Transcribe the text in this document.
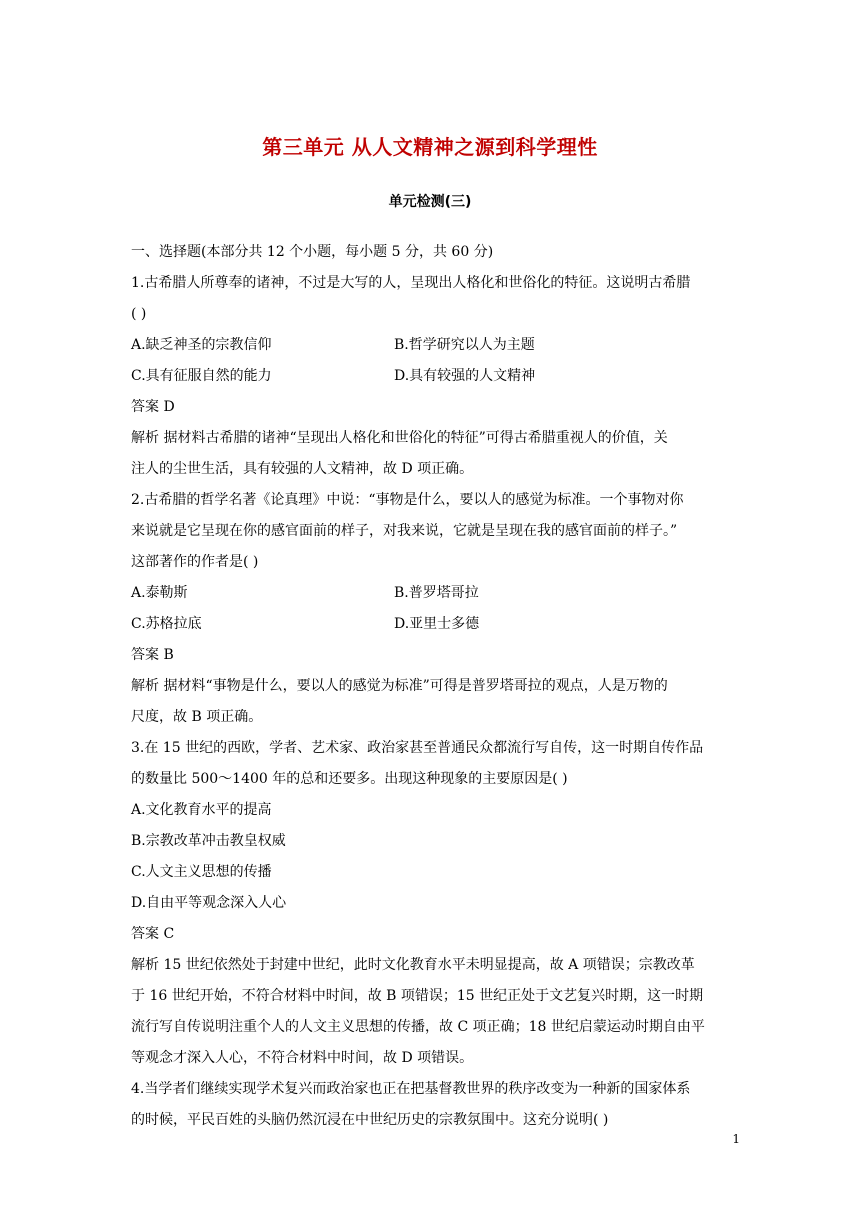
第三单元 从人文精神之源到科学理性
单元检测(三)
一、选择题(本部分共 12 个小题，每小题 5 分，共 60 分)
1.古希腊人所尊奉的诸神，不过是大写的人，呈现出人格化和世俗化的特征。这说明古希腊
( )
A.缺乏神圣的宗教信仰	B.哲学研究以人为主题
C.具有征服自然的能力	D.具有较强的人文精神
答案 D
解析 据材料古希腊的诸神“呈现出人格化和世俗化的特征”可得古希腊重视人的价值，关
注人的尘世生活，具有较强的人文精神，故 D 项正确。
2.古希腊的哲学名著《论真理》中说：“事物是什么，要以人的感觉为标准。一个事物对你
来说就是它呈现在你的感官面前的样子，对我来说，它就是呈现在我的感官面前的样子。”
这部著作的作者是( )
A.泰勒斯	B.普罗塔哥拉
C.苏格拉底	D.亚里士多德
答案 B
解析 据材料“事物是什么，要以人的感觉为标准”可得是普罗塔哥拉的观点，人是万物的
尺度，故 B 项正确。
3.在 15 世纪的西欧，学者、艺术家、政治家甚至普通民众都流行写自传，这一时期自传作品
的数量比 500～1400 年的总和还要多。出现这种现象的主要原因是( )
A.文化教育水平的提高
B.宗教改革冲击教皇权威
C.人文主义思想的传播
D.自由平等观念深入人心
答案 C
解析 15 世纪依然处于封建中世纪，此时文化教育水平未明显提高，故 A 项错误；宗教改革
于 16 世纪开始，不符合材料中时间，故 B 项错误；15 世纪正处于文艺复兴时期，这一时期
流行写自传说明注重个人的人文主义思想的传播，故 C 项正确；18 世纪启蒙运动时期自由平
等观念才深入人心，不符合材料中时间，故 D 项错误。
4.当学者们继续实现学术复兴而政治家也正在把基督教世界的秩序改变为一种新的国家体系
的时候，平民百姓的头脑仍然沉浸在中世纪历史的宗教氛围中。这充分说明( )
1
